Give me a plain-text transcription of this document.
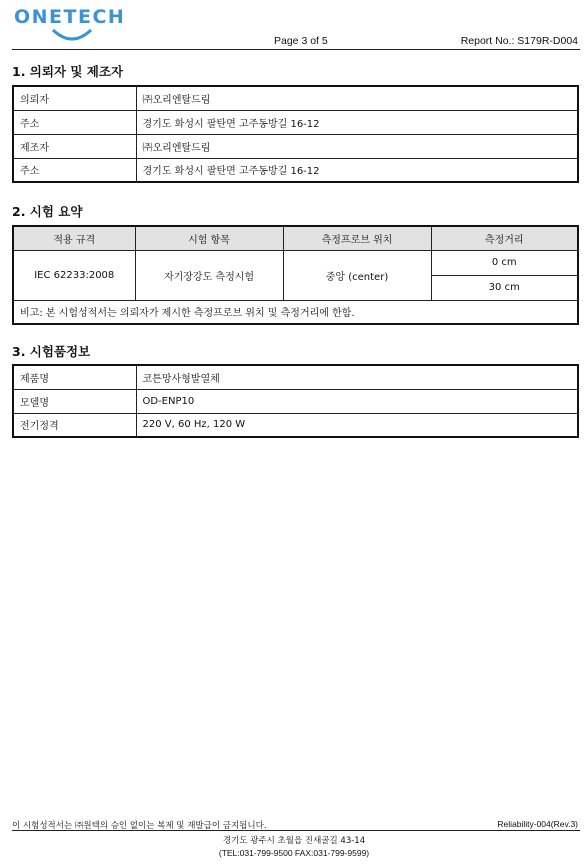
ONETECH
Page 3 of 5	Report No.: S179R-D004
1. 의뢰자 및 제조자
의뢰자	㈜오리엔탈드림
주소	경기도 화성시 팔탄면 고주동방길 16-12
제조자	㈜오리엔탈드림
주소	경기도 화성시 팔탄면 고주동방길 16-12
2. 시험 요약
적용 규격	시험 항목	측정프로브 위치	측정거리
IEC 62233:2008	자기장강도 측정시험	중앙 (center)	0 cm
			30 cm
비고: 본 시험성적서는 의뢰자가 제시한 측정프로브 위치 및 측정거리에 한함.			
3. 시험품정보
제품명	코튼망사형발열체
모델명	OD-ENP10
전기정격	220 V, 60 Hz, 120 W
이 시험성적서는 ㈜원텍의 승인 없이는 복제 및 재발급이 금지됩니다.	Reliability-004(Rev.3)
경기도 광주시 초월읍 진새골길 43-14
(TEL:031-799-9500 FAX:031-799-9599)
